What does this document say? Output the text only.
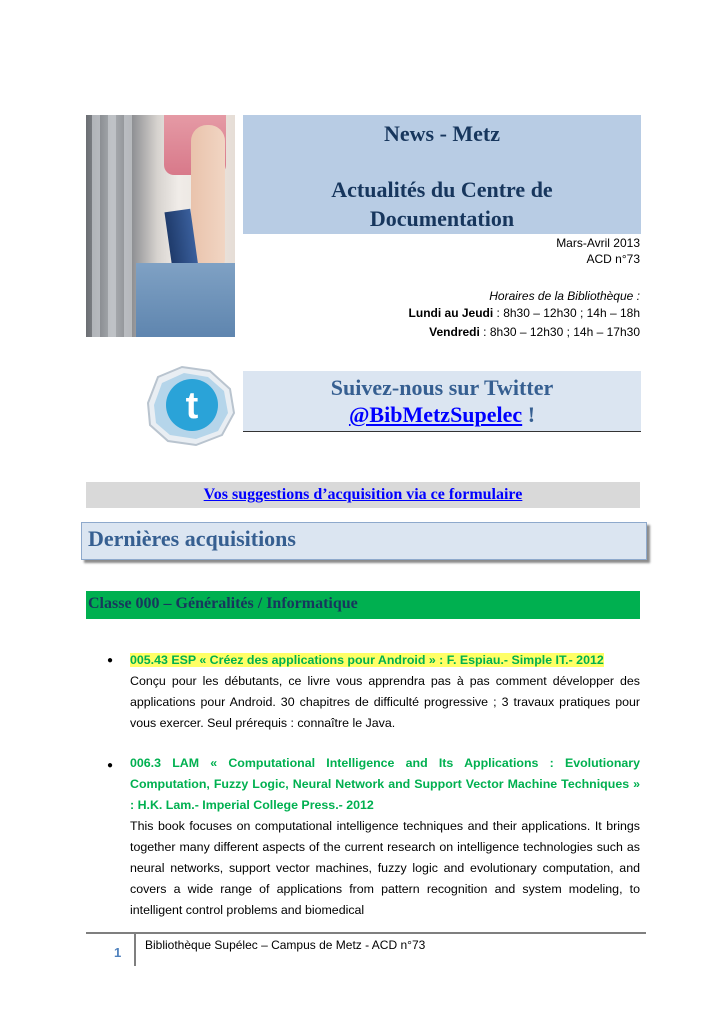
News - Metz
Actualités du Centre de
Documentation
Mars-Avril 2013
ACD n°73
Horaires de la Bibliothèque :
Lundi au Jeudi : 8h30 – 12h30 ; 14h – 18h
Vendredi : 8h30 – 12h30 ; 14h – 17h30
t	Suivez-nous sur Twitter
@BibMetzSupelec !
Vos suggestions d’acquisition via ce formulaire
Dernières acquisitions
Classe 000 – Généralités / Informatique
● 005.43 ESP « Créez des applications pour Android » : F. Espiau.- Simple IT.- 2012
Conçu pour les débutants, ce livre vous apprendra pas à pas comment développer des applications pour Android. 30 chapitres de difficulté progressive ; 3 travaux pratiques pour vous exercer. Seul prérequis : connaître le Java.
● 006.3 LAM « Computational Intelligence and Its Applications : Evolutionary Computation, Fuzzy Logic, Neural Network and Support Vector Machine Techniques » : H.K. Lam.- Imperial College Press.- 2012
This book focuses on computational intelligence techniques and their applications. It brings together many different aspects of the current research on intelligence technologies such as neural networks, support vector machines, fuzzy logic and evolutionary computation, and covers a wide range of applications from pattern recognition and system modeling, to intelligent control problems and biomedical
1 Bibliothèque Supélec – Campus de Metz - ACD n°73
